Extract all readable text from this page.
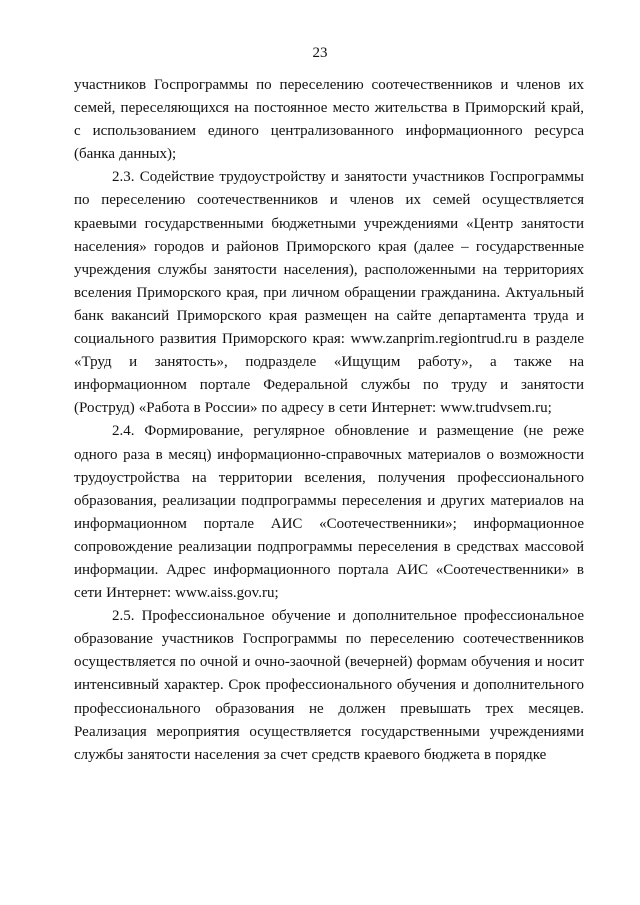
23

участников Госпрограммы по переселению соотечественников и членов их семей, переселяющихся на постоянное место жительства в Приморский край, с использованием единого централизованного информационного ресурса (банка данных);

2.3. Содействие трудоустройству и занятости участников Госпрограммы по переселению соотечественников и членов их семей осуществляется краевыми государственными бюджетными учреждениями «Центр занятости населения» городов и районов Приморского края (далее – государственные учреждения службы занятости населения), расположенными на территориях вселения Приморского края, при личном обращении гражданина. Актуальный банк вакансий Приморского края размещен на сайте департамента труда и социального развития Приморского края: www.zanprim.regiontrud.ru в разделе «Труд и занятость», подразделе «Ищущим работу», а также на информационном портале Федеральной службы по труду и занятости (Роструд) «Работа в России» по адресу в сети Интернет: www.trudvsem.ru;

2.4. Формирование, регулярное обновление и размещение (не реже одного раза в месяц) информационно-справочных материалов о возможности трудоустройства на территории вселения, получения профессионального образования, реализации подпрограммы переселения и других материалов на информационном портале АИС «Соотечественники»; информационное сопровождение реализации подпрограммы переселения в средствах массовой информации. Адрес информационного портала АИС «Соотечественники» в сети Интернет: www.aiss.gov.ru;

2.5. Профессиональное обучение и дополнительное профессиональное образование участников Госпрограммы по переселению соотечественников осуществляется по очной и очно-заочной (вечерней) формам обучения и носит интенсивный характер. Срок профессионального обучения и дополнительного профессионального образования не должен превышать трех месяцев. Реализация мероприятия осуществляется государственными учреждениями службы занятости населения за счет средств краевого бюджета в порядке
